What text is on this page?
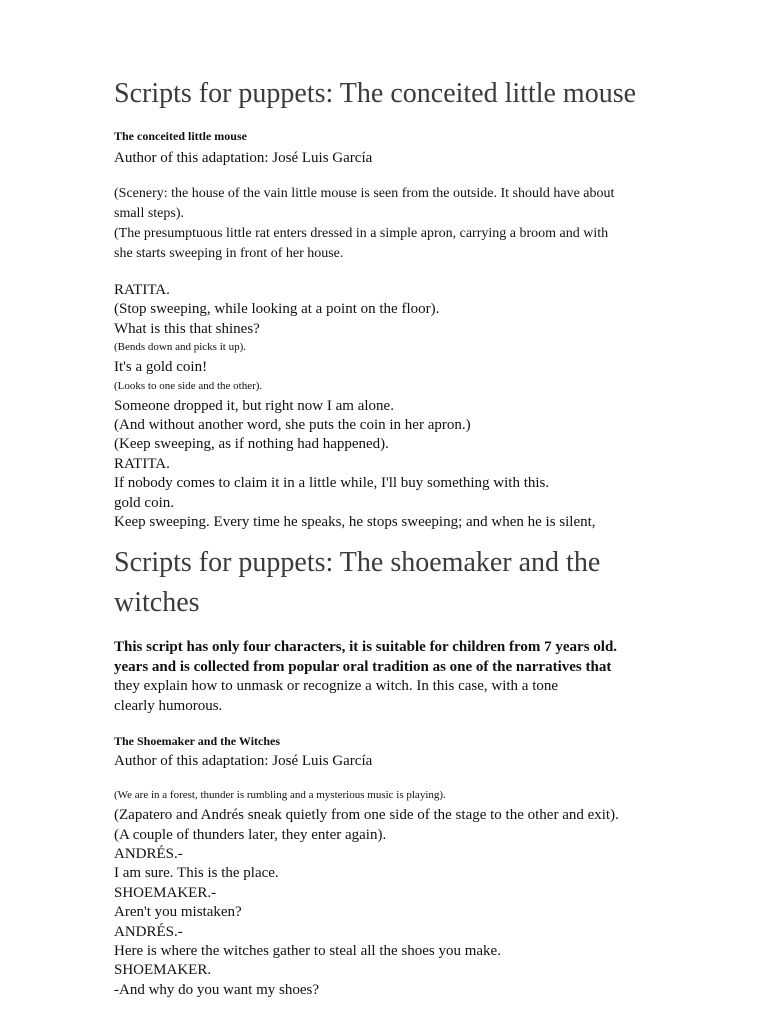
Scripts for puppets: The conceited little mouse

The conceited little mouse

Author of this adaptation: José Luis García

(Scenery: the house of the vain little mouse is seen from the outside. It should have about
small steps).
(The presumptuous little rat enters dressed in a simple apron, carrying a broom and with
she starts sweeping in front of her house.
RATITA.
(Stop sweeping, while looking at a point on the floor).
What is this that shines?
(Bends down and picks it up).
It's a gold coin!
(Looks to one side and the other).
Someone dropped it, but right now I am alone.
(And without another word, she puts the coin in her apron.)
(Keep sweeping, as if nothing had happened).
RATITA.
If nobody comes to claim it in a little while, I'll buy something with this.
gold coin.
Keep sweeping. Every time he speaks, he stops sweeping; and when he is silent,
Scripts for puppets: The shoemaker and the
witches
This script has only four characters, it is suitable for children from 7 years old.
years and is collected from popular oral tradition as one of the narratives that
they explain how to unmask or recognize a witch. In this case, with a tone
clearly humorous.

The Shoemaker and the Witches

Author of this adaptation: José Luis García

(We are in a forest, thunder is rumbling and a mysterious music is playing).
(Zapatero and Andrés sneak quietly from one side of the stage to the other and exit).
(A couple of thunders later, they enter again).
ANDRÉS.-
I am sure. This is the place.
SHOEMAKER.-
Aren't you mistaken?
ANDRÉS.-
Here is where the witches gather to steal all the shoes you make.
SHOEMAKER.
-And why do you want my shoes?
